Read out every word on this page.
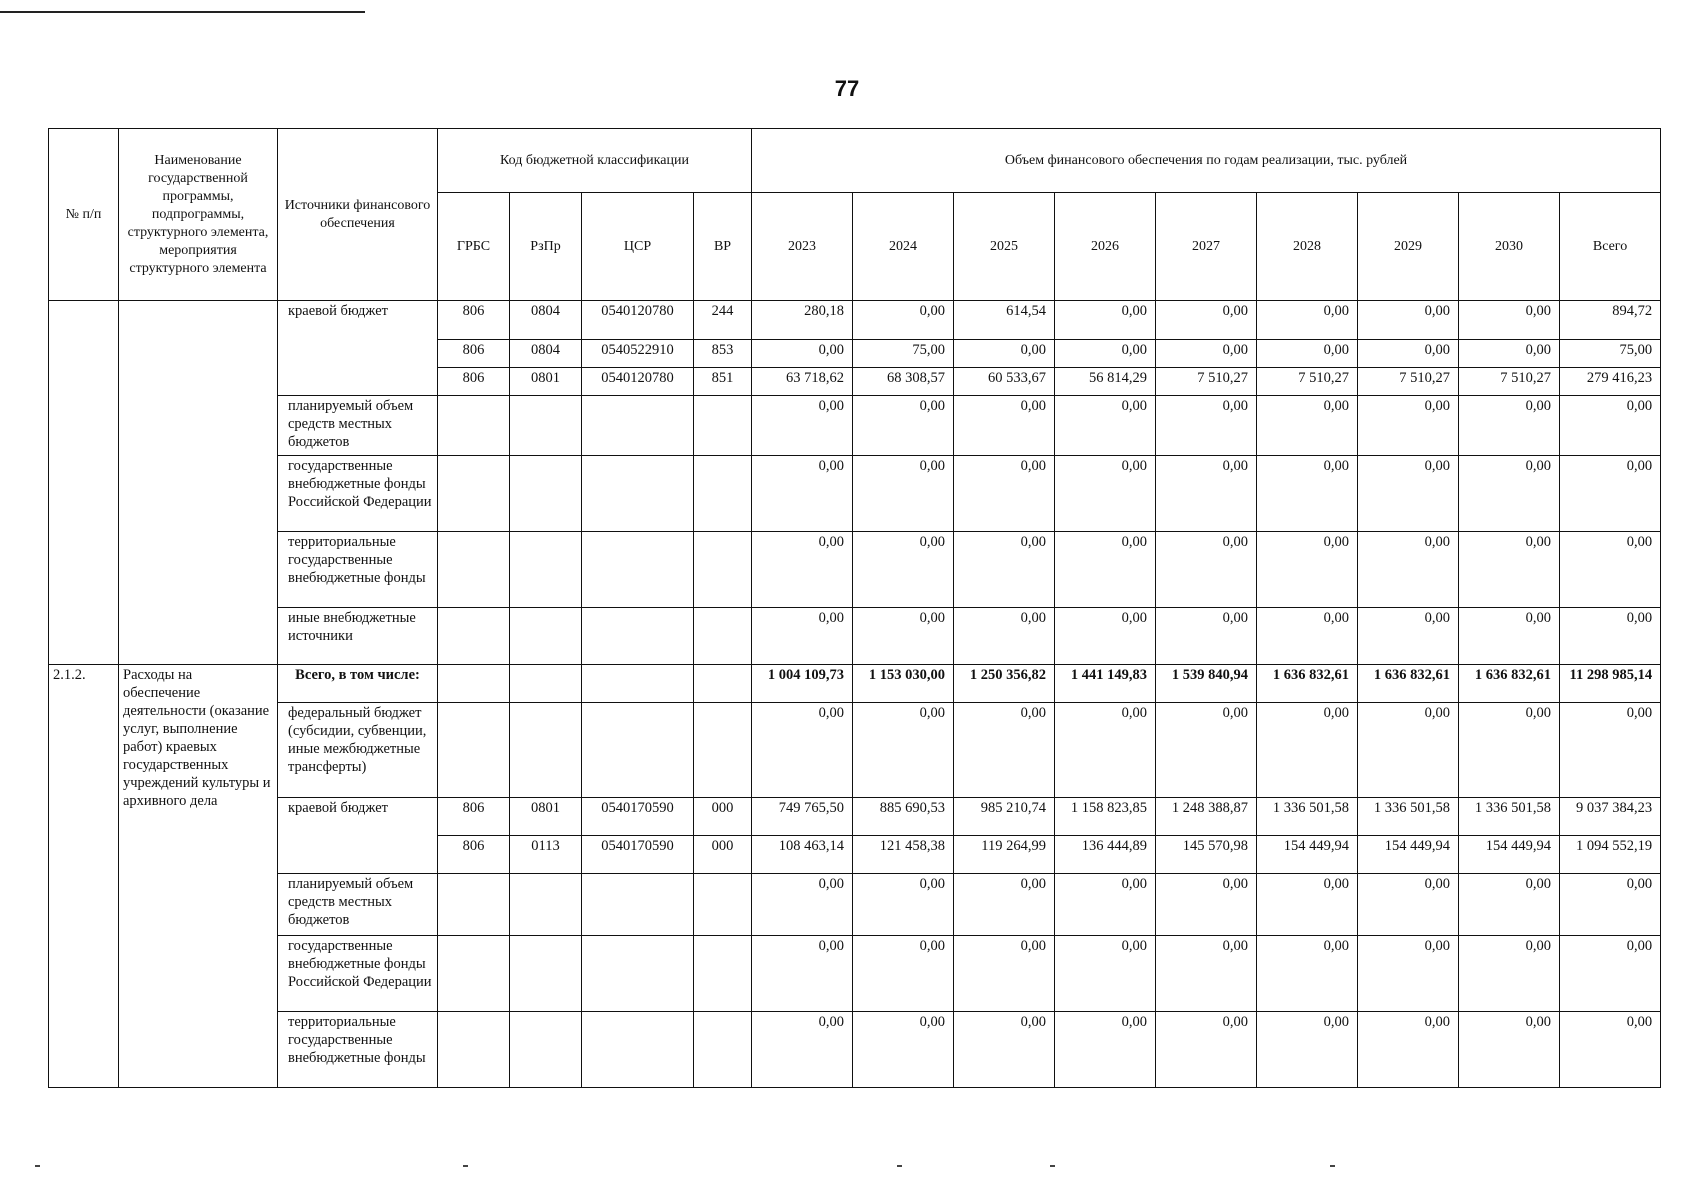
77
№ п/п	Наименование государственной программы, подпрограммы, структурного элемента, мероприятия структурного элемента	Источники финансового обеспечения	Код бюджетной классификации				Объем финансового обеспечения по годам реализации, тыс. рублей								
			ГРБС	РзПр	ЦСР	ВР	2023	2024	2025	2026	2027	2028	2029	2030	Всего
		краевой бюджет	806	0804	0540120780	244	280,18	0,00	614,54	0,00	0,00	0,00	0,00	0,00	894,72
			806	0804	0540522910	853	0,00	75,00	0,00	0,00	0,00	0,00	0,00	0,00	75,00
			806	0801	0540120780	851	63 718,62	68 308,57	60 533,67	56 814,29	7 510,27	7 510,27	7 510,27	7 510,27	279 416,23
		планируемый объем средств местных бюджетов					0,00	0,00	0,00	0,00	0,00	0,00	0,00	0,00	0,00
		государственные внебюджетные фонды Российской Федерации					0,00	0,00	0,00	0,00	0,00	0,00	0,00	0,00	0,00
		территориальные государственные внебюджетные фонды					0,00	0,00	0,00	0,00	0,00	0,00	0,00	0,00	0,00
		иные внебюджетные источники					0,00	0,00	0,00	0,00	0,00	0,00	0,00	0,00	0,00
2.1.2.	Расходы на обеспечение деятельности (оказание услуг, выполнение работ) краевых государственных учреждений культуры и архивного дела	Всего, в том числе:					1 004 109,73	1 153 030,00	1 250 356,82	1 441 149,83	1 539 840,94	1 636 832,61	1 636 832,61	1 636 832,61	11 298 985,14
		федеральный бюджет (субсидии, субвенции, иные межбюджетные трансферты)					0,00	0,00	0,00	0,00	0,00	0,00	0,00	0,00	0,00
		краевой бюджет	806	0801	0540170590	000	749 765,50	885 690,53	985 210,74	1 158 823,85	1 248 388,87	1 336 501,58	1 336 501,58	1 336 501,58	9 037 384,23
			806	0113	0540170590	000	108 463,14	121 458,38	119 264,99	136 444,89	145 570,98	154 449,94	154 449,94	154 449,94	1 094 552,19
		планируемый объем средств местных бюджетов					0,00	0,00	0,00	0,00	0,00	0,00	0,00	0,00	0,00
		государственные внебюджетные фонды Российской Федерации					0,00	0,00	0,00	0,00	0,00	0,00	0,00	0,00	0,00
		территориальные государственные внебюджетные фонды					0,00	0,00	0,00	0,00	0,00	0,00	0,00	0,00	0,00
